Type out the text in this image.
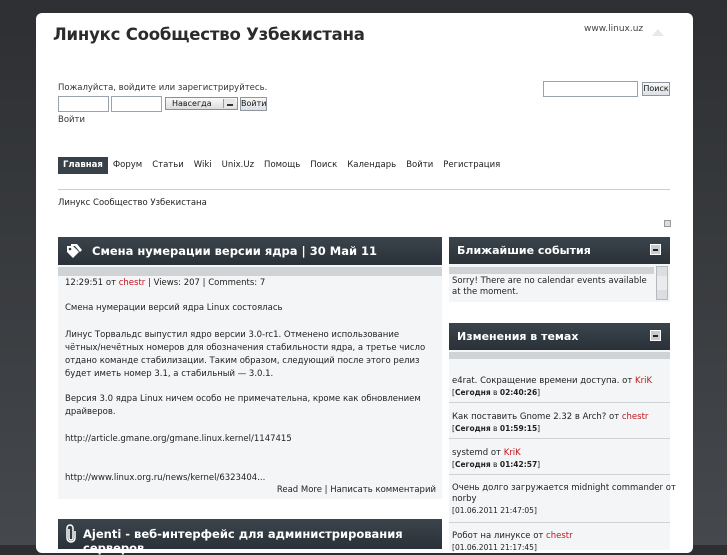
Линукс Сообщество Узбекистана	www.linux.uz
Пожалуйста, войдите или зарегистрируйтесь.
Навсегда	Войти
Войти
Поиск
Главная	Форум	Статьи	Wiki	Unix.Uz	Помощь	Поиск	Календарь	Войти	Регистрация
Линукс Сообщество Узбекистана
Смена нумерации версии ядра | 30 Май 11
12:29:51 от chestr | Views: 207 | Comments: 7
Смена нумерации версий ядра Linux состоялась
Линус Торвальдс выпустил ядро версии 3.0-rc1. Отменено использование
чётных/нечётных номеров для обозначения стабильности ядра, а третье число
отдано команде стабилизации. Таким образом, следующий после этого релиз
будет иметь номер 3.1, а стабильный — 3.0.1.
Версия 3.0 ядра Linux ничем особо не примечательна, кроме как обновлением
драйверов.
http://article.gmane.org/gmane.linux.kernel/1147415
http://www.linux.org.ru/news/kernel/6323404...
Read More | Написать комментарий
Ajenti - веб-интерфейс для администрирования серверов
Ближайшие события
Sorry! There are no calendar events available at the moment.
Изменения в темах
e4rat. Сокращение времени доступа. от KriK
[Сегодня в 02:40:26]
Как поставить Gnome 2.32 в Arch? от chestr
[Сегодня в 01:59:15]
systemd от KriK
[Сегодня в 01:42:57]
Очень долго загружается midnight commander от
norby
[01.06.2011 21:47:05]
Робот на линуксе от chestr
[01.06.2011 21:17:45]
